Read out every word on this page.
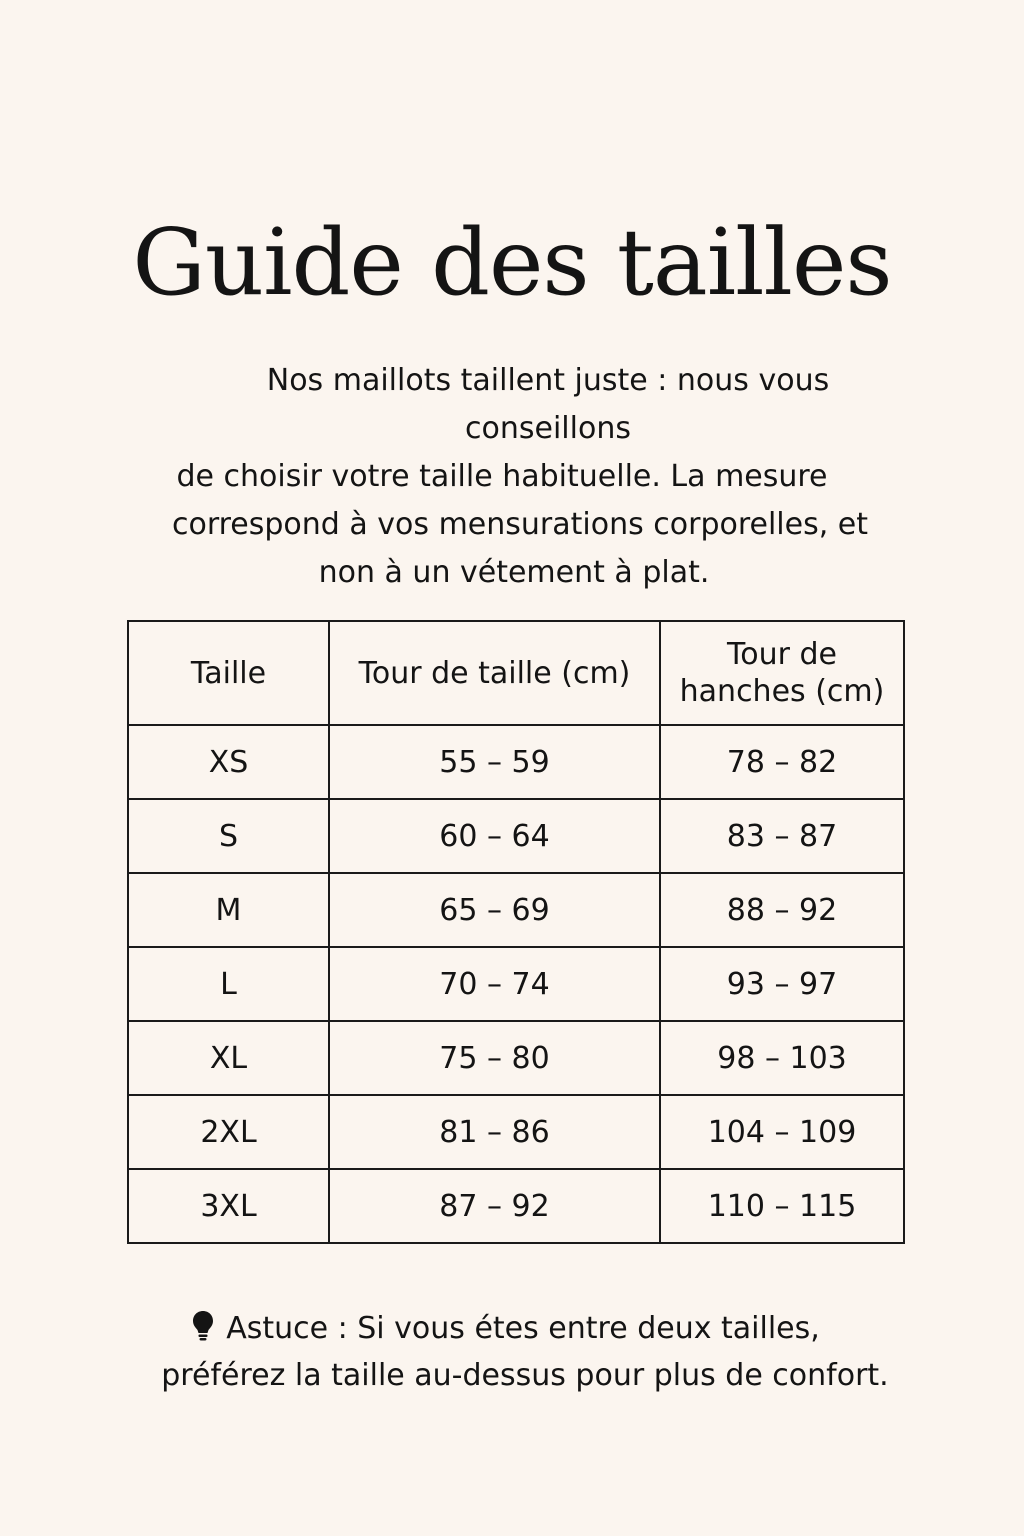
Guide des tailles

Nos maillots taillent juste : nous vous conseillons
de choisir votre taille habituelle. La mesure
correspond à vos mensurations corporelles, et
non à un vétement à plat.

Taille	Tour de taille (cm)	Tour de
hanches (cm)
XS	55 – 59	78 – 82
S	60 – 64	83 – 87
M	65 – 69	88 – 92
L	70 – 74	93 – 97
XL	75 – 80	98 – 103
2XL	81 – 86	104 – 109
3XL	87 – 92	110 – 115

Astuce : Si vous étes entre deux tailles,
préférez la taille au-dessus pour plus de confort.
